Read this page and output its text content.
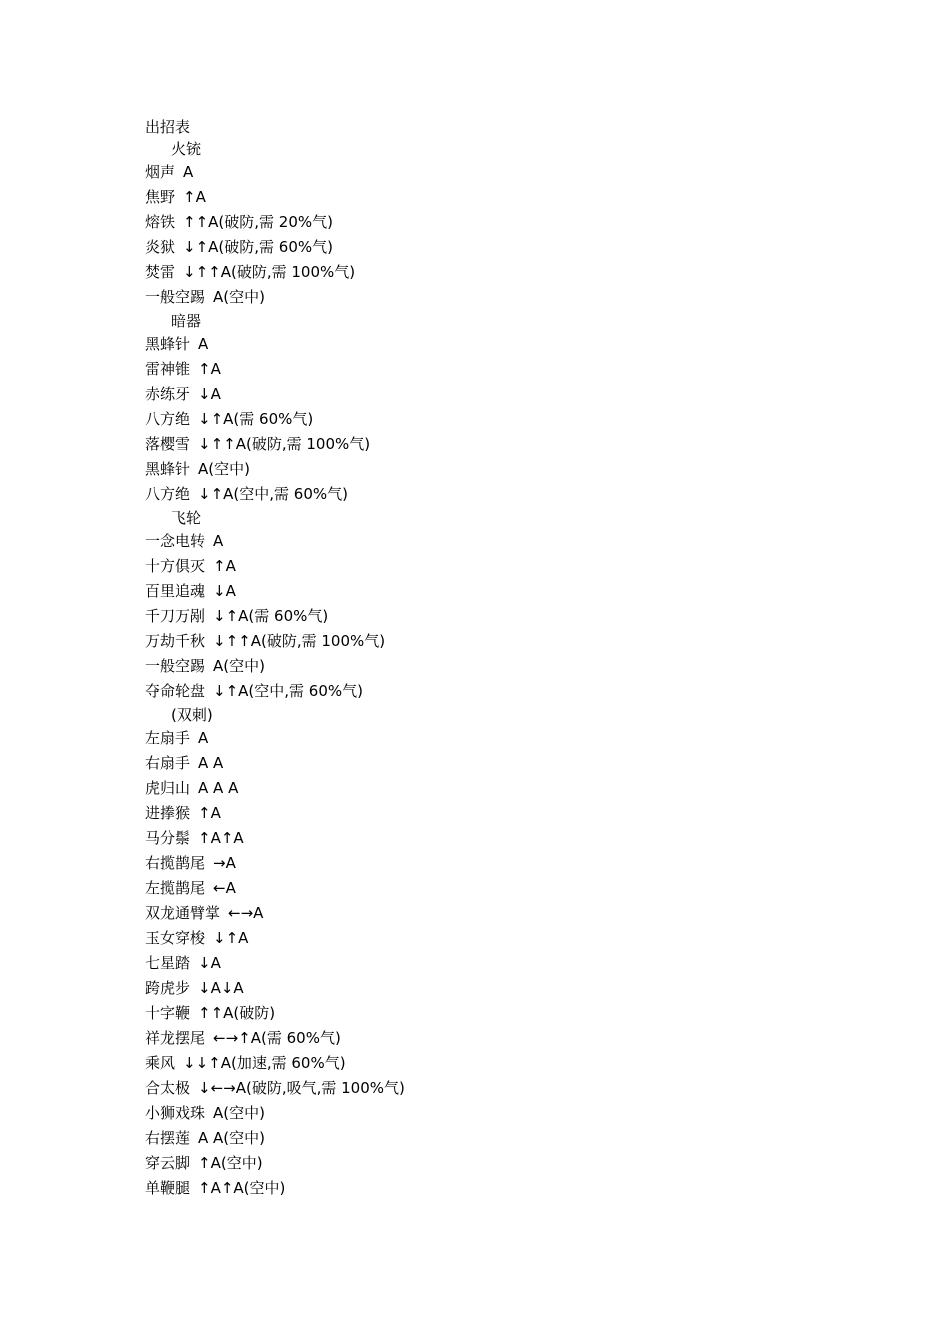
出招表
火铳
烟声 A
焦野 ↑A
熔铁 ↑↑A(破防,需 20%气)
炎狱 ↓↑A(破防,需 60%气)
焚雷 ↓↑↑A(破防,需 100%气)
一般空踢 A(空中)
暗器
黑蜂针 A
雷神锥 ↑A
赤练牙 ↓A
八方绝 ↓↑A(需 60%气)
落樱雪 ↓↑↑A(破防,需 100%气)
黑蜂针 A(空中)
八方绝 ↓↑A(空中,需 60%气)
飞轮
一念电转 A
十方俱灭 ↑A
百里追魂 ↓A
千刀万剐 ↓↑A(需 60%气)
万劫千秋 ↓↑↑A(破防,需 100%气)
一般空踢 A(空中)
夺命轮盘 ↓↑A(空中,需 60%气)
(双刺)
左扇手 A
右扇手 A A
虎归山 A A A
进搼猴 ↑A
马分鬃 ↑A↑A
右揽鹊尾 →A
左揽鹊尾 ←A
双龙通臂掌 ←→A
玉女穿梭 ↓↑A
七星踏 ↓A
跨虎步 ↓A↓A
十字鞭 ↑↑A(破防)
祥龙摆尾 ←→↑A(需 60%气)
乘风 ↓↓↑A(加速,需 60%气)
合太极 ↓←→A(破防,吸气,需 100%气)
小狮戏珠 A(空中)
右摆莲 A A(空中)
穿云脚 ↑A(空中)
单鞭腿 ↑A↑A(空中)
